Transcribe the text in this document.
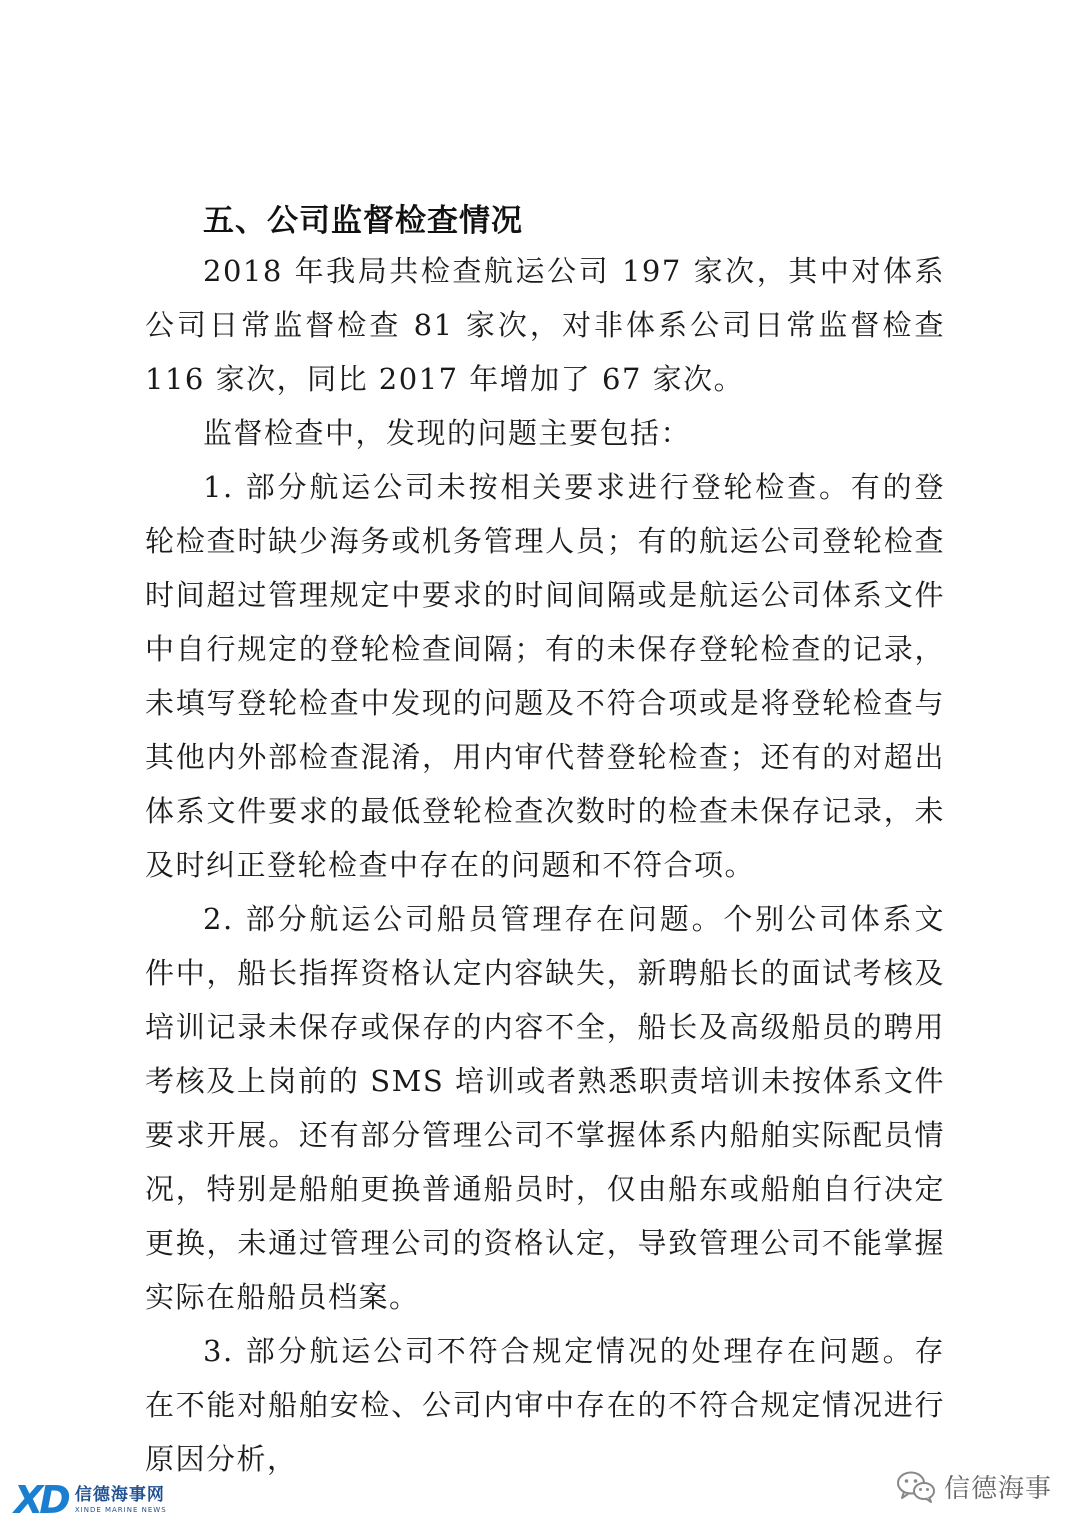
五、公司监督检查情况

2018 年我局共检查航运公司 197 家次，其中对体系公司日常监督检查 81 家次，对非体系公司日常监督检查 116 家次，同比 2017 年增加了 67 家次。

监督检查中，发现的问题主要包括：

1. 部分航运公司未按相关要求进行登轮检查。有的登轮检查时缺少海务或机务管理人员；有的航运公司登轮检查时间超过管理规定中要求的时间间隔或是航运公司体系文件中自行规定的登轮检查间隔；有的未保存登轮检查的记录，未填写登轮检查中发现的问题及不符合项或是将登轮检查与其他内外部检查混淆，用内审代替登轮检查；还有的对超出体系文件要求的最低登轮检查次数时的检查未保存记录，未及时纠正登轮检查中存在的问题和不符合项。

2. 部分航运公司船员管理存在问题。个别公司体系文件中，船长指挥资格认定内容缺失，新聘船长的面试考核及培训记录未保存或保存的内容不全，船长及高级船员的聘用考核及上岗前的 SMS 培训或者熟悉职责培训未按体系文件要求开展。还有部分管理公司不掌握体系内船舶实际配员情况，特别是船舶更换普通船员时，仅由船东或船舶自行决定更换，未通过管理公司的资格认定，导致管理公司不能掌握实际在船船员档案。

3. 部分航运公司不符合规定情况的处理存在问题。存在不能对船舶安检、公司内审中存在的不符合规定情况进行原因分析，

XD 信德海事网
XINDE MARINE NEWS
信德海事
